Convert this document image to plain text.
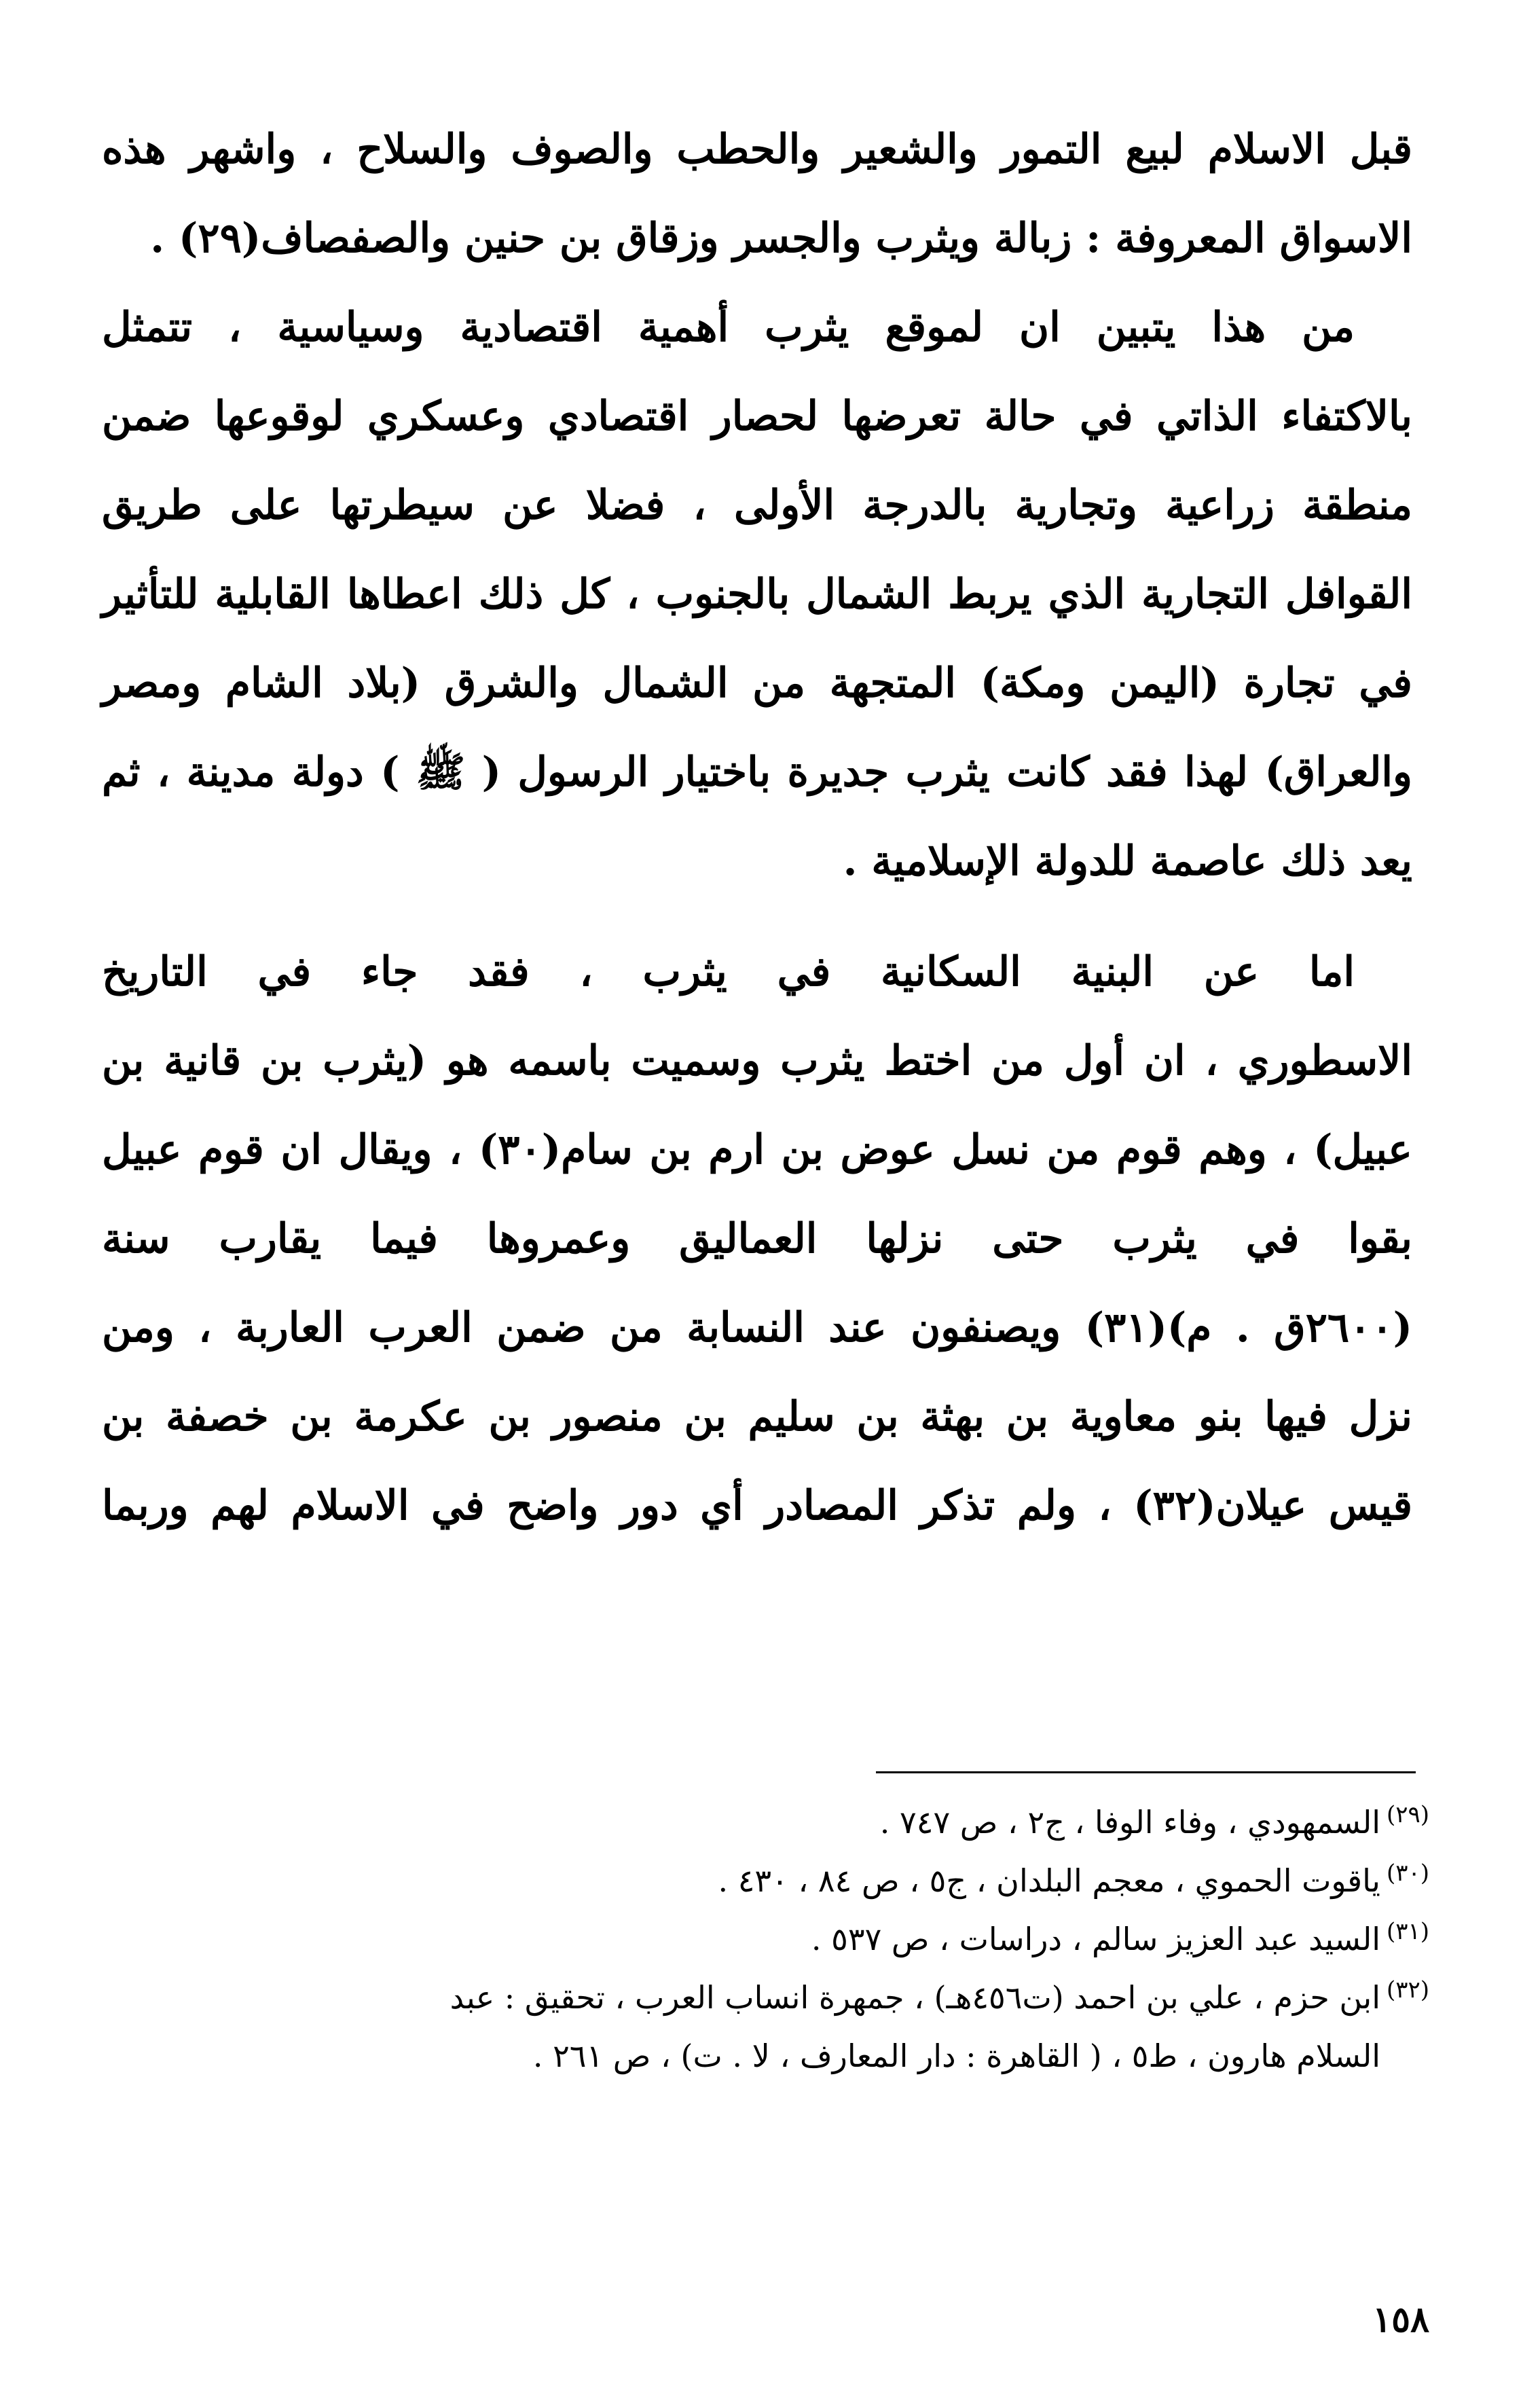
قبل الاسلام لبيع التمور والشعير والحطب والصوف والسلاح ، واشهر هذه
الاسواق المعروفة : زبالة ويثرب والجسر وزقاق بن حنين والصفصاف(٢٩) .
من هذا يتبين ان لموقع يثرب أهمية اقتصادية وسياسية ، تتمثل
بالاكتفاء الذاتي في حالة تعرضها لحصار اقتصادي وعسكري لوقوعها ضمن
منطقة زراعية وتجارية بالدرجة الأولى ، فضلا عن سيطرتها على طريق
القوافل التجارية الذي يربط الشمال بالجنوب ، كل ذلك اعطاها القابلية للتأثير
في تجارة (اليمن ومكة) المتجهة من الشمال والشرق (بلاد الشام ومصر
والعراق) لهذا فقد كانت يثرب جديرة باختيار الرسول ( ﷺ ) دولة مدينة ، ثم
يعد ذلك عاصمة للدولة الإسلامية .
اما عن البنية السكانية في يثرب ، فقد جاء في التاريخ
الاسطوري ، ان أول من اختط يثرب وسميت باسمه هو (يثرب بن قانية بن
عبيل) ، وهم قوم من نسل عوض بن ارم بن سام(٣٠) ، ويقال ان قوم عبيل
بقوا في يثرب حتى نزلها العماليق وعمروها فيما يقارب سنة
(٢٦٠٠ق . م)(٣١) ويصنفون عند النسابة من ضمن العرب العاربة ، ومن
نزل فيها بنو معاوية بن بهثة بن سليم بن منصور بن عكرمة بن خصفة بن
قيس عيلان(٣٢) ، ولم تذكر المصادر أي دور واضح في الاسلام لهم وربما
(٢٩)السمهودي ، وفاء الوفا ، ج٢ ، ص ٧٤٧ .
(٣٠)ياقوت الحموي ، معجم البلدان ، ج٥ ، ص ٨٤ ، ٤٣٠ .
(٣١)السيد عبد العزيز سالم ، دراسات ، ص ٥٣٧ .
(٣٢)ابن حزم ، علي بن احمد (ت٤٥٦هـ) ، جمهرة انساب العرب ، تحقيق : عبد
السلام هارون ، ط٥ ، ( القاهرة : دار المعارف ، لا . ت) ، ص ٢٦١ .
١٥٨
